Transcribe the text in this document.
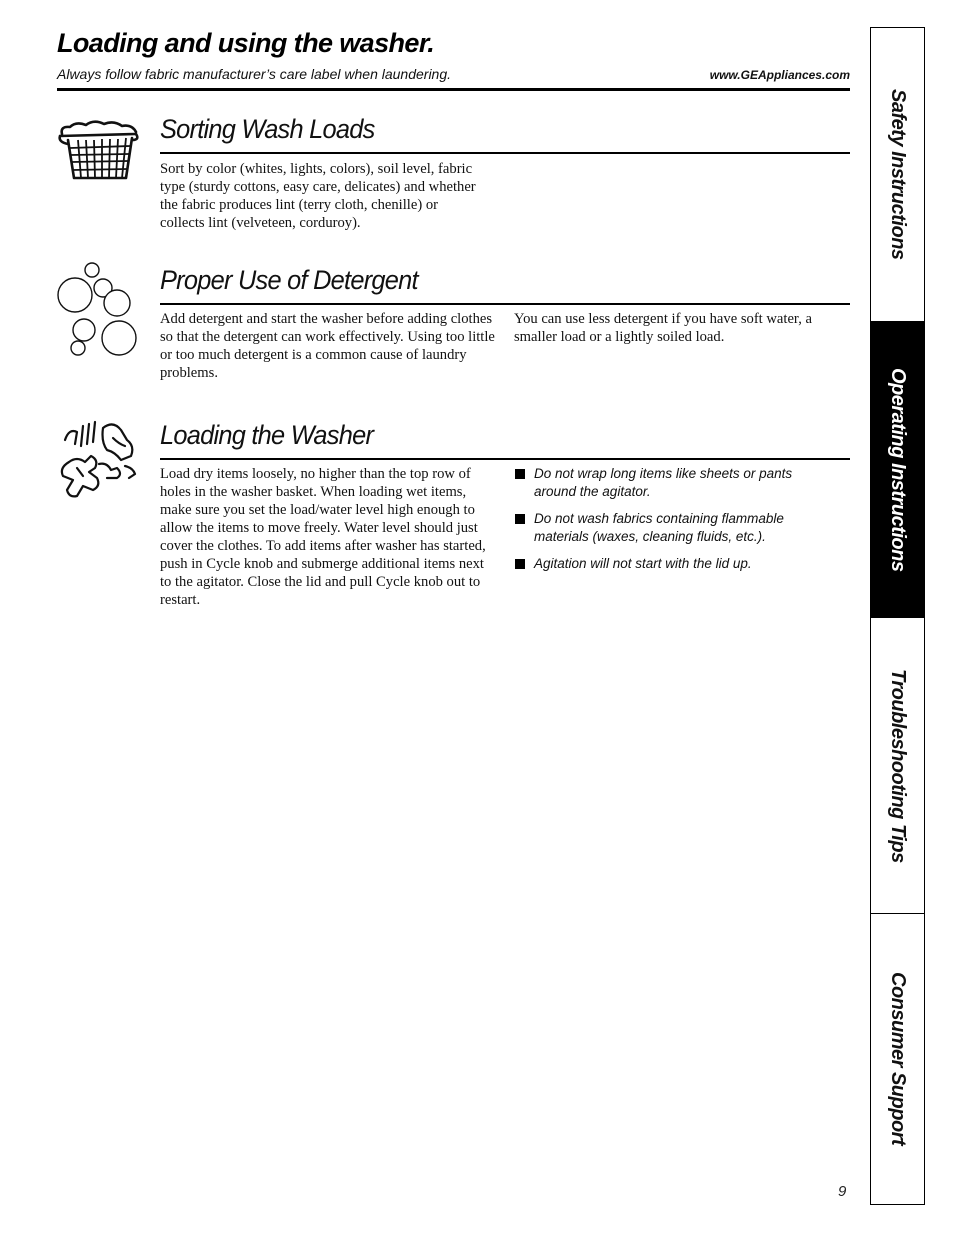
Loading and using the washer.
Always follow fabric manufacturer’s care label when laundering.	www.GEAppliances.com
Sorting Wash Loads

Sort by color (whites, lights, colors), soil level, fabric type (sturdy cottons, easy care, delicates) and whether the fabric produces lint (terry cloth, chenille) or collects lint (velveteen, corduroy).

Proper Use of Detergent

Add detergent and start the washer before adding clothes so that the detergent can work effectively. Using too little or too much detergent is a common cause of laundry problems.

You can use less detergent if you have soft water, a smaller load or a lightly soiled load.

Loading the Washer

Load dry items loosely, no higher than the top row of holes in the washer basket. When loading wet items, make sure you set the load/water level high enough to allow the items to move freely. Water level should just cover the clothes. To add items after washer has started, push in Cycle knob and submerge additional items next to the agitator. Close the lid and pull Cycle knob out to restart.

Do not wrap long items like sheets or pants around the agitator.
Do not wash fabrics containing flammable materials (waxes, cleaning fluids, etc.).
Agitation will not start with the lid up.
Safety Instructions
Operating Instructions
Troubleshooting Tips
Consumer Support
9
